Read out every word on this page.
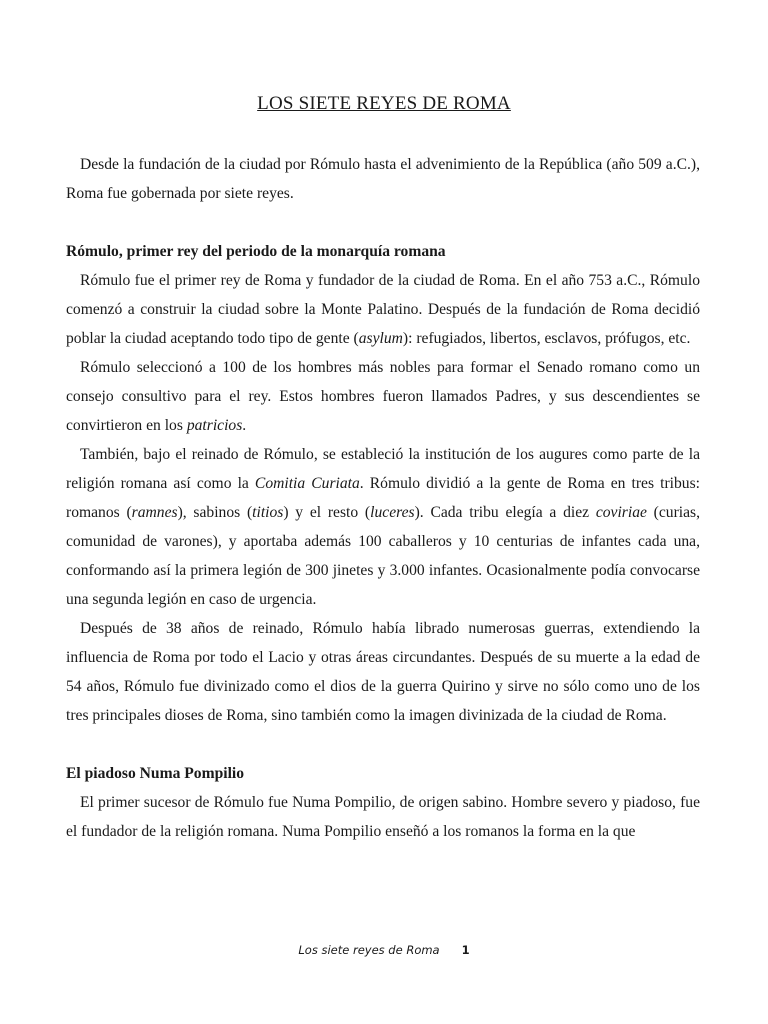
LOS SIETE REYES DE ROMA

Desde la fundación de la ciudad por Rómulo hasta el advenimiento de la República (año 509 a.C.), Roma fue gobernada por siete reyes.

Rómulo, primer rey del periodo de la monarquía romana

Rómulo fue el primer rey de Roma y fundador de la ciudad de Roma. En el año 753 a.C., Rómulo comenzó a construir la ciudad sobre la Monte Palatino. Después de la fundación de Roma decidió poblar la ciudad aceptando todo tipo de gente (asylum): refugiados, libertos, esclavos, prófugos, etc.

Rómulo seleccionó a 100 de los hombres más nobles para formar el Senado romano como un consejo consultivo para el rey. Estos hombres fueron llamados Padres, y sus descendientes se convirtieron en los patricios.

También, bajo el reinado de Rómulo, se estableció la institución de los augures como parte de la religión romana así como la Comitia Curiata. Rómulo dividió a la gente de Roma en tres tribus: romanos (ramnes), sabinos (titios) y el resto (luceres). Cada tribu elegía a diez coviriae (curias, comunidad de varones), y aportaba además 100 caballeros y 10 centurias de infantes cada una, conformando así la primera legión de 300 jinetes y 3.000 infantes. Ocasionalmente podía convocarse una segunda legión en caso de urgencia.

Después de 38 años de reinado, Rómulo había librado numerosas guerras, extendiendo la influencia de Roma por todo el Lacio y otras áreas circundantes. Después de su muerte a la edad de 54 años, Rómulo fue divinizado como el dios de la guerra Quirino y sirve no sólo como uno de los tres principales dioses de Roma, sino también como la imagen divinizada de la ciudad de Roma.

El piadoso Numa Pompilio

El primer sucesor de Rómulo fue Numa Pompilio, de origen sabino. Hombre severo y piadoso, fue el fundador de la religión romana. Numa Pompilio enseñó a los romanos la forma en la que

Los siete reyes de Roma 1
